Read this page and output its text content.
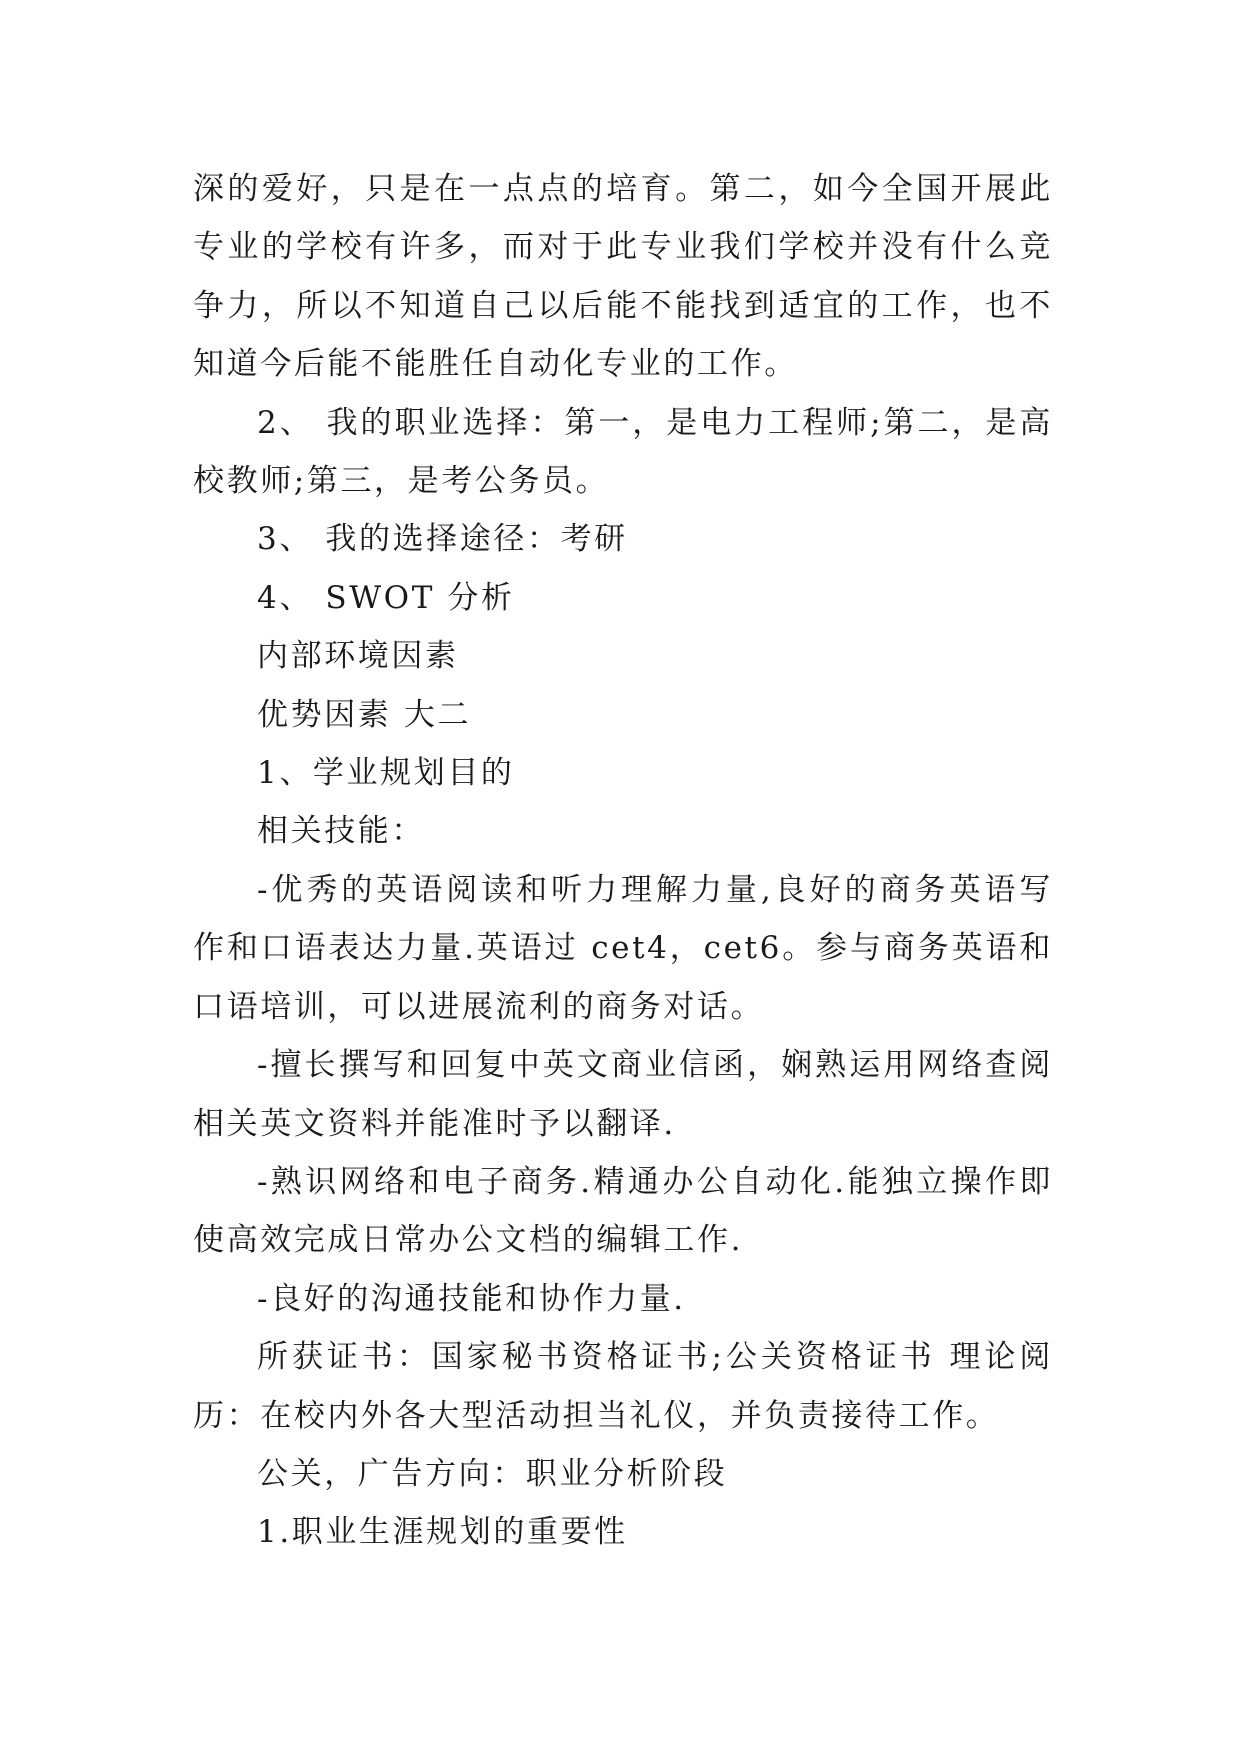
深的爱好，只是在一点点的培育。第二，如今全国开展此专业的学校有许多，而对于此专业我们学校并没有什么竞争力，所以不知道自己以后能不能找到适宜的工作，也不知道今后能不能胜任自动化专业的工作。

2、 我的职业选择：第一，是电力工程师;第二，是高校教师;第三，是考公务员。

3、 我的选择途径：考研

4、 SWOT 分析

内部环境因素

优势因素 大二

1、学业规划目的

相关技能：

-优秀的英语阅读和听力理解力量,良好的商务英语写作和口语表达力量.英语过 cet4，cet6。参与商务英语和口语培训，可以进展流利的商务对话。

-擅长撰写和回复中英文商业信函，娴熟运用网络查阅相关英文资料并能准时予以翻译.

-熟识网络和电子商务.精通办公自动化.能独立操作即使高效完成日常办公文档的编辑工作.

-良好的沟通技能和协作力量.

所获证书：国家秘书资格证书;公关资格证书 理论阅历：在校内外各大型活动担当礼仪，并负责接待工作。

公关，广告方向：职业分析阶段

1.职业生涯规划的重要性
